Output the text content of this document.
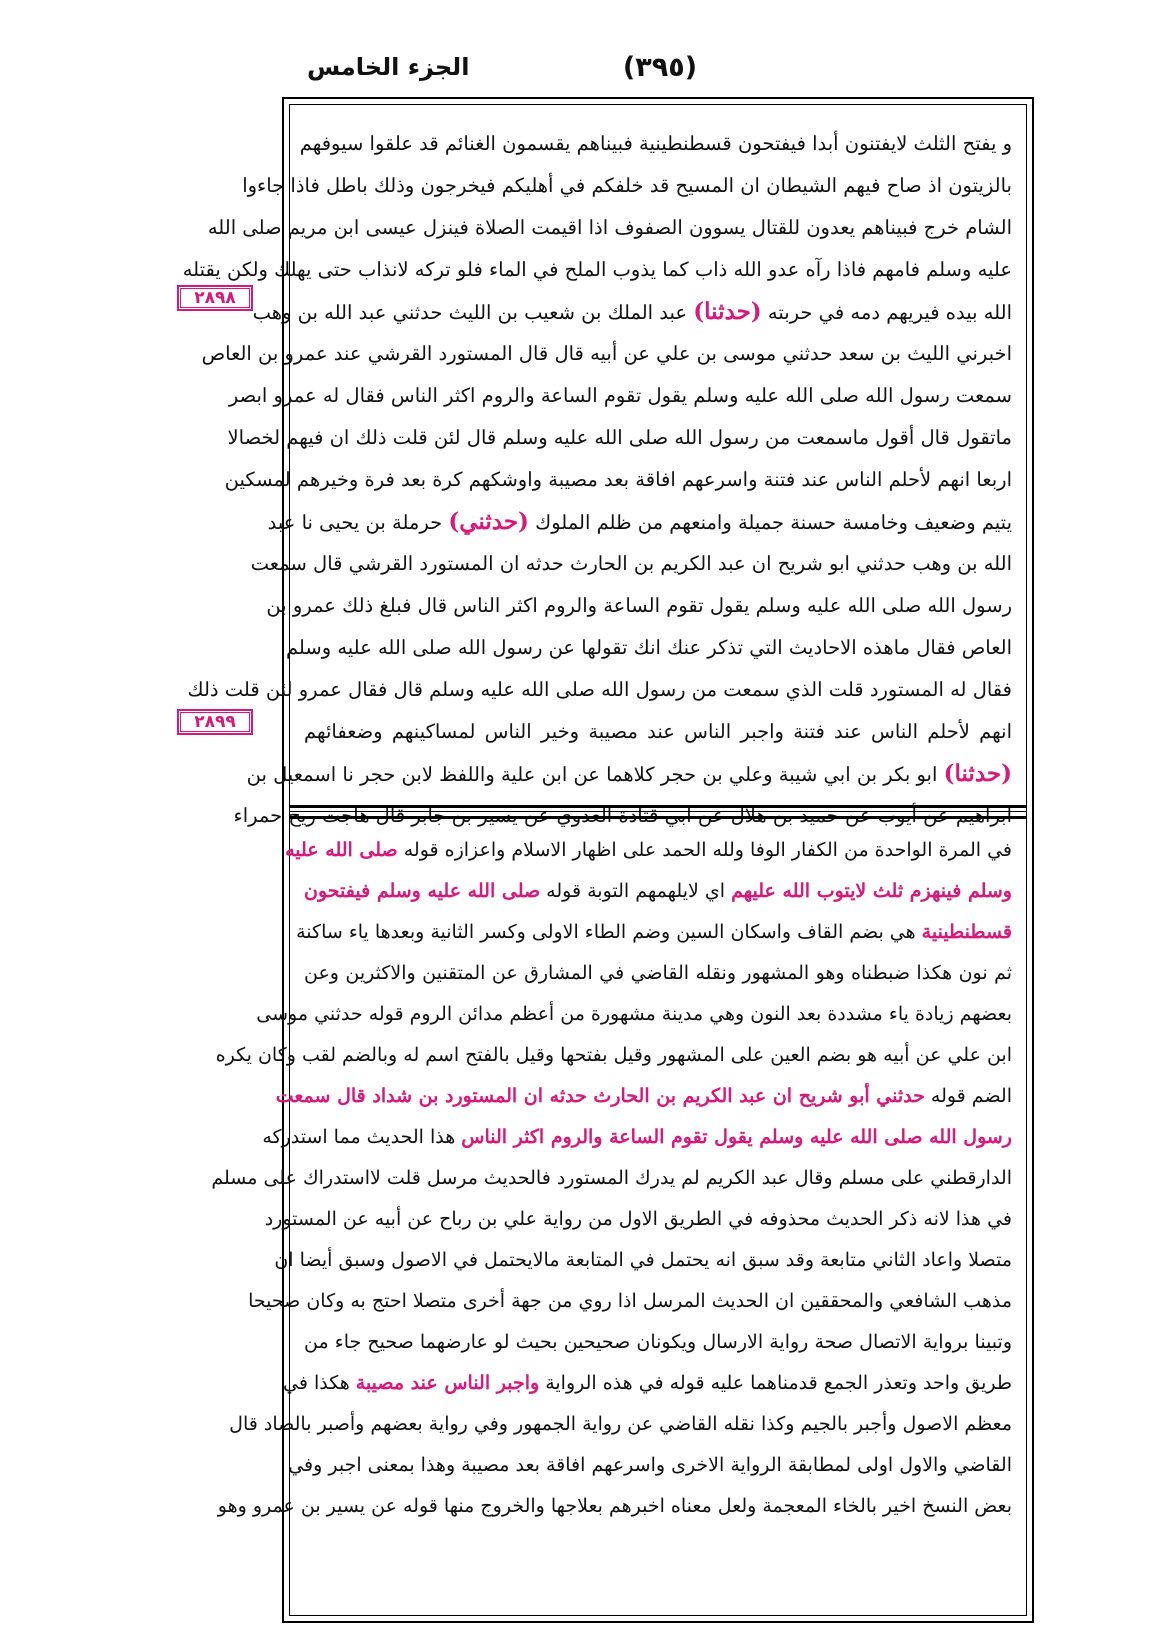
(٣٩٥)
الجزء الخامس
٢٨٩٨
٢٨٩٩
و يفتح الثلث لايفتنون أبدا فيفتحون قسطنطينية فبيناهم يقسمون الغنائم قد علقوا سيوفهم
بالزيتون اذ صاح فيهم الشيطان ان المسيح قد خلفكم في أهليكم فيخرجون وذلك باطل فاذا جاءوا
الشام خرج فبيناهم يعدون للقتال يسوون الصفوف اذا اقيمت الصلاة فينزل عيسى ابن مريم صلى الله
عليه وسلم فامهم فاذا رآه عدو الله ذاب كما يذوب الملح في الماء فلو تركه لانذاب حتى يهلك ولكن يقتله
الله بيده فيريهم دمه في حربته (حدثنا) عبد الملك بن شعيب بن الليث حدثني عبد الله بن وهب
اخبرني الليث بن سعد حدثني موسى بن علي عن أبيه قال قال المستورد القرشي عند عمرو بن العاص
سمعت رسول الله صلى الله عليه وسلم يقول تقوم الساعة والروم اكثر الناس فقال له عمرو ابصر
ماتقول قال أقول ماسمعت من رسول الله صلى الله عليه وسلم قال لئن قلت ذلك ان فيهم لخصالا
اربعا انهم لأحلم الناس عند فتنة واسرعهم افاقة بعد مصيبة واوشكهم كرة بعد فرة وخيرهم لمسكين
يتيم وضعيف وخامسة حسنة جميلة وامنعهم من ظلم الملوك (حدثني) حرملة بن يحيى نا عبد
الله بن وهب حدثني ابو شريح ان عبد الكريم بن الحارث حدثه ان المستورد القرشي قال سمعت
رسول الله صلى الله عليه وسلم يقول تقوم الساعة والروم اكثر الناس قال فبلغ ذلك عمرو بن
العاص فقال ماهذه الاحاديث التي تذكر عنك انك تقولها عن رسول الله صلى الله عليه وسلم
فقال له المستورد قلت الذي سمعت من رسول الله صلى الله عليه وسلم قال فقال عمرو لئن قلت ذلك
انهم لأحلم الناس عند فتنة واجبر الناس عند مصيبة وخير الناس لمساكينهم وضعفائهم
(حدثنا) ابو بكر بن ابي شيبة وعلي بن حجر كلاهما عن ابن علية واللفظ لابن حجر نا اسمعيل بن
ابراهيم عن أيوب عن حميد بن هلال عن ابي قتادة العدوي عن يسير بن جابر قال هاجت ريح حمراء
في المرة الواحدة من الكفار الوفا ولله الحمد على اظهار الاسلام واعزازه قوله صلى الله عليه
وسلم فينهزم ثلث لايتوب الله عليهم اي لايلهمهم التوبة قوله صلى الله عليه وسلم فيفتحون
قسطنطينية هي بضم القاف واسكان السين وضم الطاء الاولى وكسر الثانية وبعدها ياء ساكنة
ثم نون هكذا ضبطناه وهو المشهور ونقله القاضي في المشارق عن المتقنين والاكثرين وعن
بعضهم زيادة ياء مشددة بعد النون وهي مدينة مشهورة من أعظم مدائن الروم قوله حدثني موسى
ابن علي عن أبيه هو بضم العين على المشهور وقيل بفتحها وقيل بالفتح اسم له وبالضم لقب وكان يكره
الضم قوله حدثني أبو شريح ان عبد الكريم بن الحارث حدثه ان المستورد بن شداد قال سمعت
رسول الله صلى الله عليه وسلم يقول تقوم الساعة والروم اكثر الناس هذا الحديث مما استدركه
الدارقطني على مسلم وقال عبد الكريم لم يدرك المستورد فالحديث مرسل قلت لااستدراك على مسلم
في هذا لانه ذكر الحديث محذوفه في الطريق الاول من رواية علي بن رباح عن أبيه عن المستورد
متصلا واعاد الثاني متابعة وقد سبق انه يحتمل في المتابعة مالايحتمل في الاصول وسبق أيضا ان
مذهب الشافعي والمحققين ان الحديث المرسل اذا روي من جهة أخرى متصلا احتج به وكان صحيحا
وتبينا برواية الاتصال صحة رواية الارسال ويكونان صحيحين بحيث لو عارضهما صحيح جاء من
طريق واحد وتعذر الجمع قدمناهما عليه قوله في هذه الرواية واجبر الناس عند مصيبة هكذا في
معظم الاصول وأجبر بالجيم وكذا نقله القاضي عن رواية الجمهور وفي رواية بعضهم وأصبر بالصاد قال
القاضي والاول اولى لمطابقة الرواية الاخرى واسرعهم افاقة بعد مصيبة وهذا بمعنى اجبر وفي
بعض النسخ اخير بالخاء المعجمة ولعل معناه اخبرهم بعلاجها والخروج منها قوله عن يسير بن عمرو وهو
